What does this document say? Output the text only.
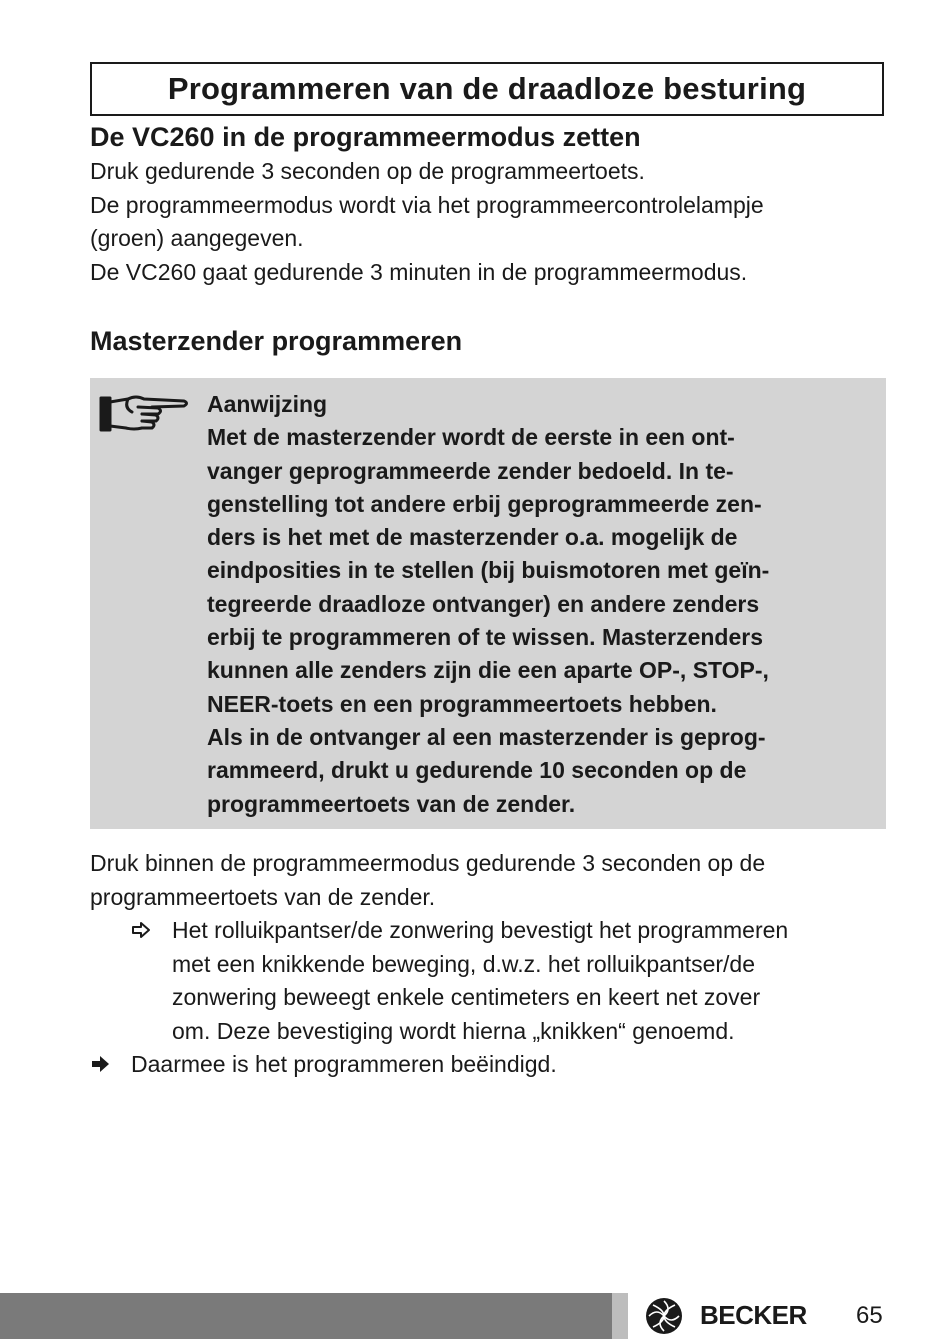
Programmeren van de draadloze besturing
De VC260 in de programmeermodus zetten

Druk gedurende 3 seconden op de programmeertoets.

De programmeermodus wordt via het programmeercontrolelampje

(groen) aangegeven.

De VC260 gaat gedurende 3 minuten in de programmeermodus.

Masterzender programmeren

Aanwijzing

Met de masterzender wordt de eerste in een ont-

vanger geprogrammeerde zender bedoeld. In te-

genstelling tot andere erbij geprogrammeerde zen-

ders is het met de masterzender o.a. mogelijk de

eindposities in te stellen (bij buismotoren met geïn-

tegreerde draadloze ontvanger) en andere zenders

erbij te programmeren of te wissen. Masterzenders

kunnen alle zenders zijn die een aparte OP-, STOP-,

NEER-toets en een programmeertoets hebben.

Als in de ontvanger al een masterzender is geprog-

rammeerd, drukt u gedurende 10 seconden op de

programmeertoets van de zender.

Druk binnen de programmeermodus gedurende 3 seconden op de

programmeertoets van de zender.

Het rolluikpantser/de zonwering bevestigt het programmeren
met een knikkende beweging, d.w.z. het rolluikpantser/de
zonwering beweegt enkele centimeters en keert net zover
om. Deze bevestiging wordt hierna „knikken“ genoemd.
Daarmee is het programmeren beëindigd.
BECKER 65
